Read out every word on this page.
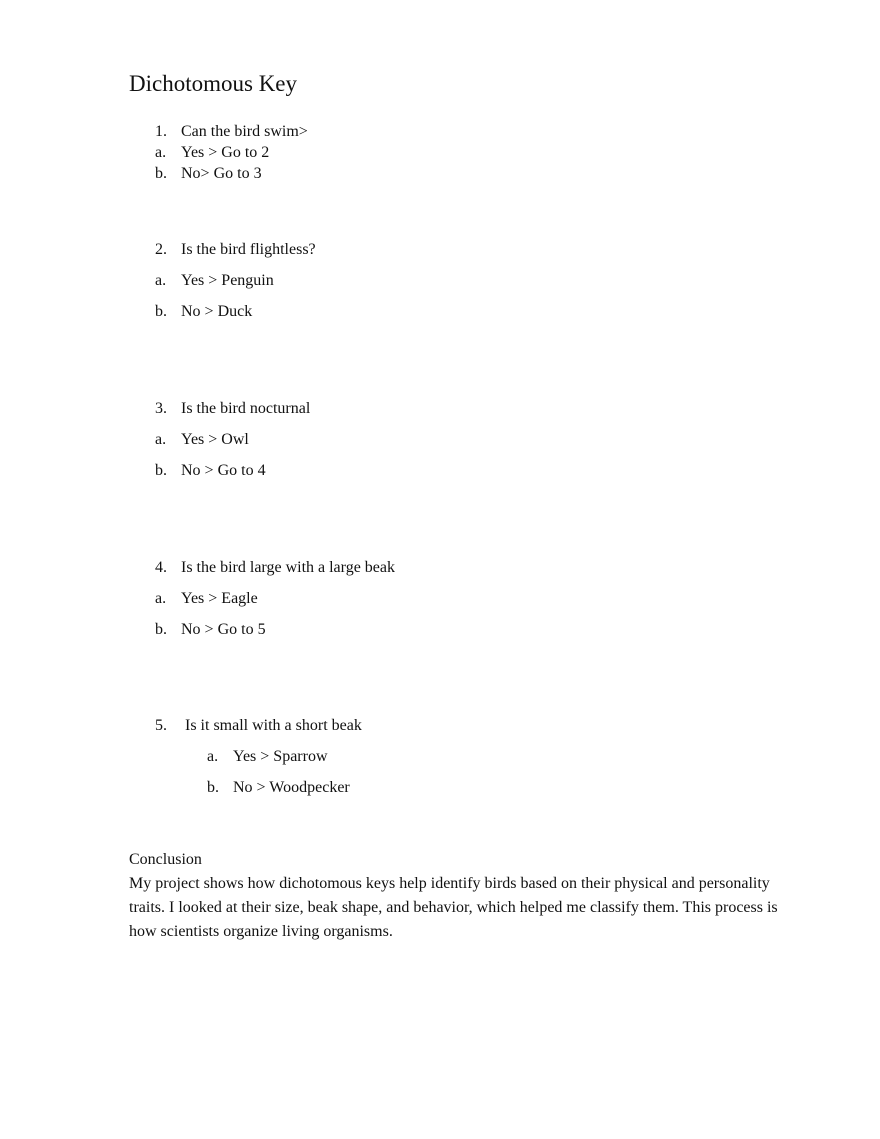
Dichotomous Key
1. Can the bird swim>
a. Yes > Go to 2
b. No> Go to 3
2. Is the bird flightless?
a. Yes > Penguin
b. No > Duck
3. Is the bird nocturnal
a. Yes > Owl
b. No > Go to 4
4. Is the bird large with a large beak
a. Yes > Eagle
b. No > Go to 5
5. Is it small with a short beak
a. Yes > Sparrow
b. No > Woodpecker
Conclusion

My project shows how dichotomous keys help identify birds based on their physical and personality traits. I looked at their size, beak shape, and behavior, which helped me classify them. This process is how scientists organize living organisms.
